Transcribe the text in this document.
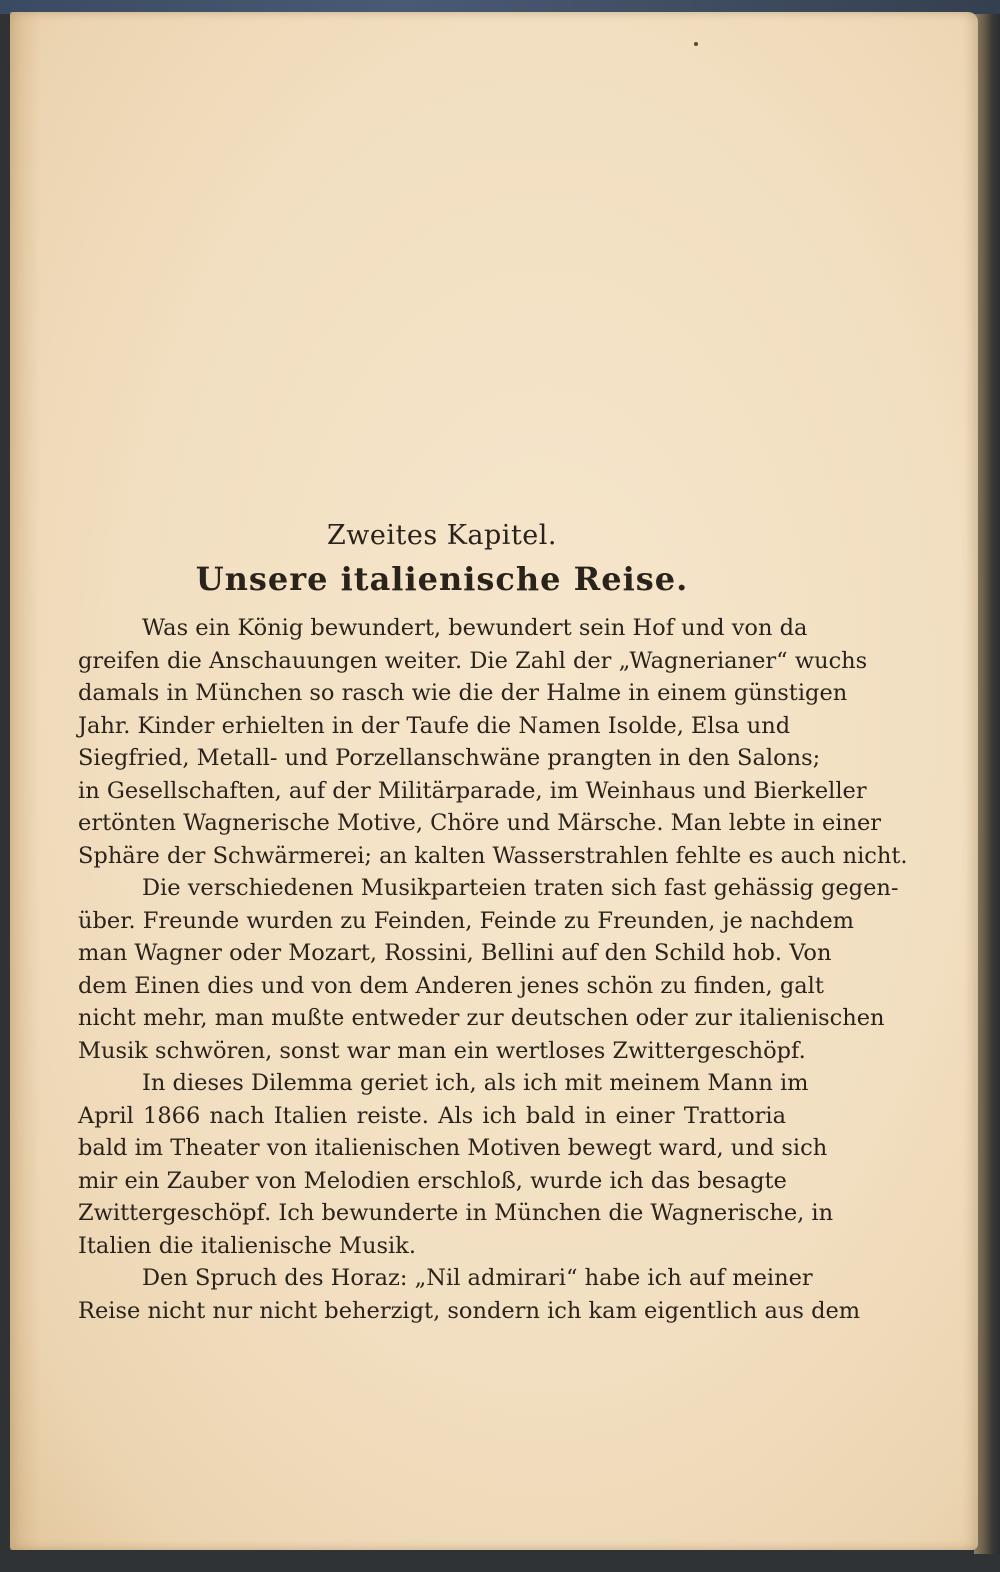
Zweites Kapitel.
Unsere italienische Reise.
Was ein König bewundert, bewundert sein Hof und von da
greifen die Anschauungen weiter. Die Zahl der „Wagnerianer“ wuchs
damals in München so rasch wie die der Halme in einem günstigen
Jahr. Kinder erhielten in der Taufe die Namen Isolde, Elsa und
Siegfried, Metall- und Porzellanschwäne prangten in den Salons;
in Gesellschaften, auf der Militärparade, im Weinhaus und Bierkeller
ertönten Wagnerische Motive, Chöre und Märsche. Man lebte in einer
Sphäre der Schwärmerei; an kalten Wasserstrahlen fehlte es auch nicht.
Die verschiedenen Musikparteien traten sich fast gehässig gegen-
über. Freunde wurden zu Feinden, Feinde zu Freunden, je nachdem
man Wagner oder Mozart, Rossini, Bellini auf den Schild hob. Von
dem Einen dies und von dem Anderen jenes schön zu finden, galt
nicht mehr, man mußte entweder zur deutschen oder zur italienischen
Musik schwören, sonst war man ein wertloses Zwittergeschöpf.
In dieses Dilemma geriet ich, als ich mit meinem Mann im
April 1866 nach Italien reiste. Als ich bald in einer Trattoria
bald im Theater von italienischen Motiven bewegt ward, und sich
mir ein Zauber von Melodien erschloß, wurde ich das besagte
Zwittergeschöpf. Ich bewunderte in München die Wagnerische, in
Italien die italienische Musik.
Den Spruch des Horaz: „Nil admirari“ habe ich auf meiner
Reise nicht nur nicht beherzigt, sondern ich kam eigentlich aus dem
